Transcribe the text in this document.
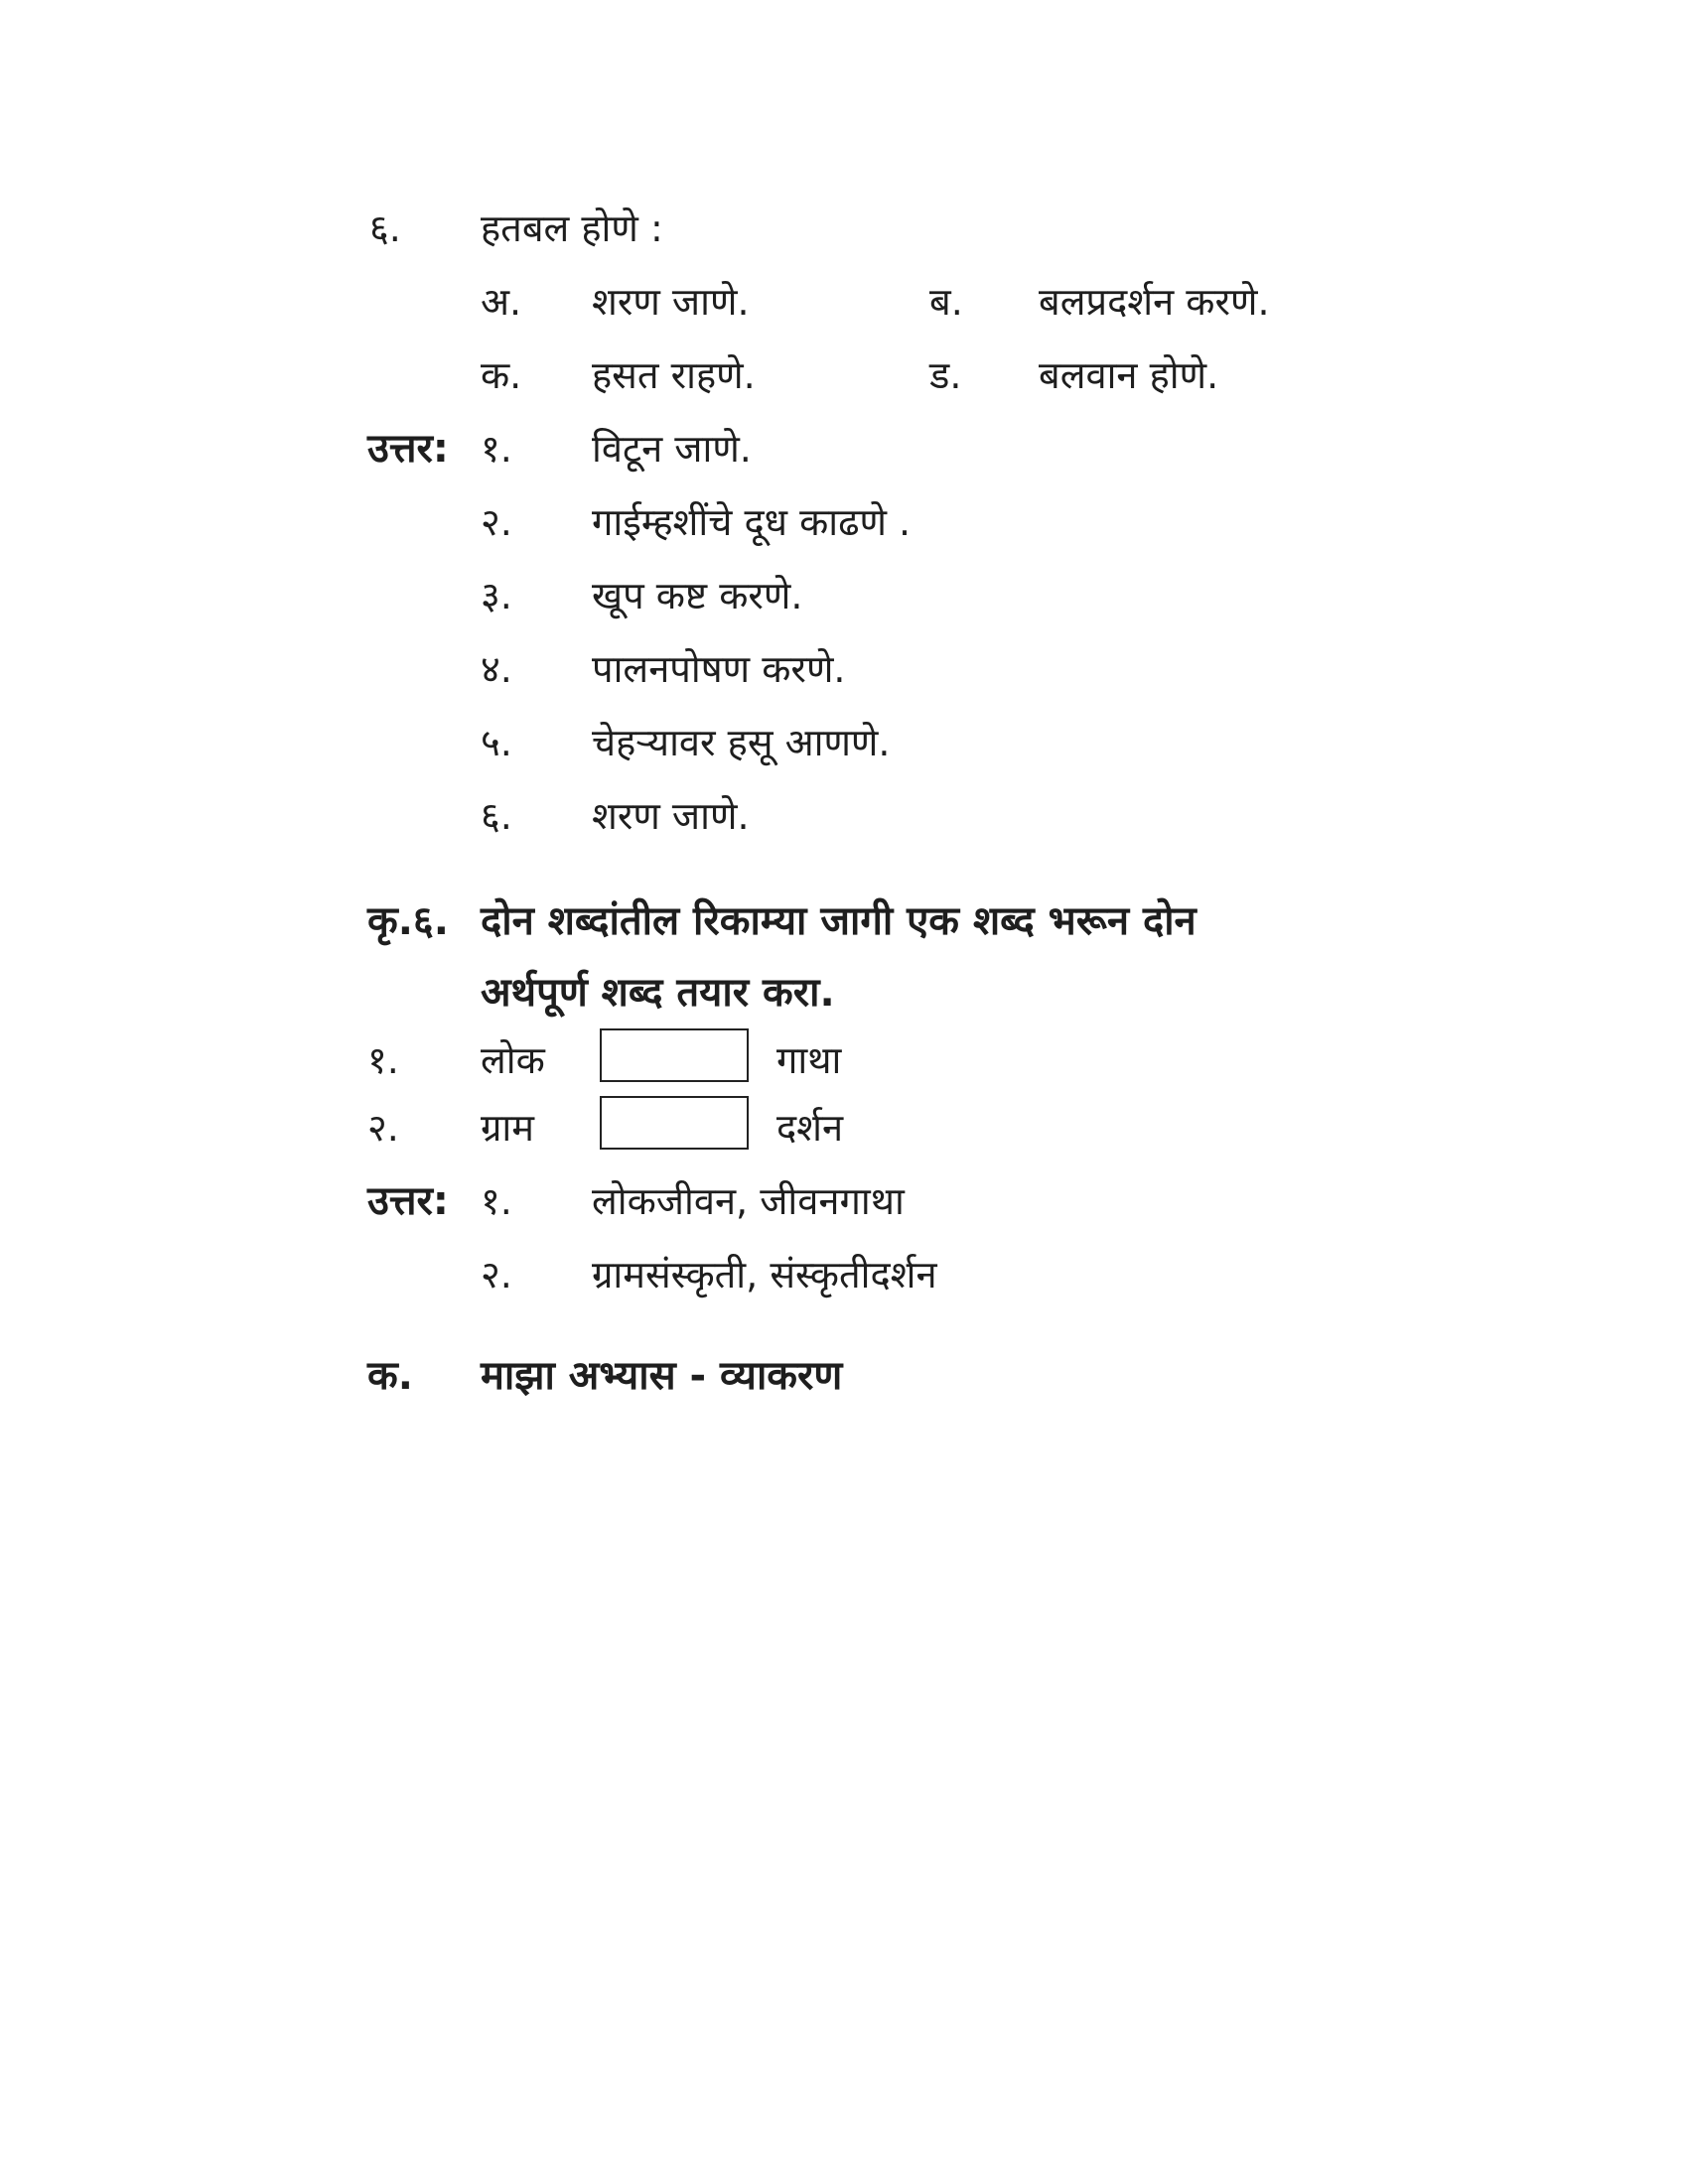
६. हतबल होणे :
अ. शरण जाणे.	ब. बलप्रदर्शन करणे.
क. हसत राहणे.	ड. बलवान होणे.
उत्तर: १. विटून जाणे.
२. गाईम्हशींचे दूध काढणे .
३. खूप कष्ट करणे.
४. पालनपोषण करणे.
५. चेहऱ्यावर हसू आणणे.
६. शरण जाणे.
कृ.६. दोन शब्दांतील रिकाम्या जागी एक शब्द भरून दोन
अर्थपूर्ण शब्द तयार करा.
१. लोक	गाथा
२. ग्राम	दर्शन
उत्तर: १. लोकजीवन, जीवनगाथा
२. ग्रामसंस्कृती, संस्कृतीदर्शन
क. माझा अभ्यास - व्याकरण
